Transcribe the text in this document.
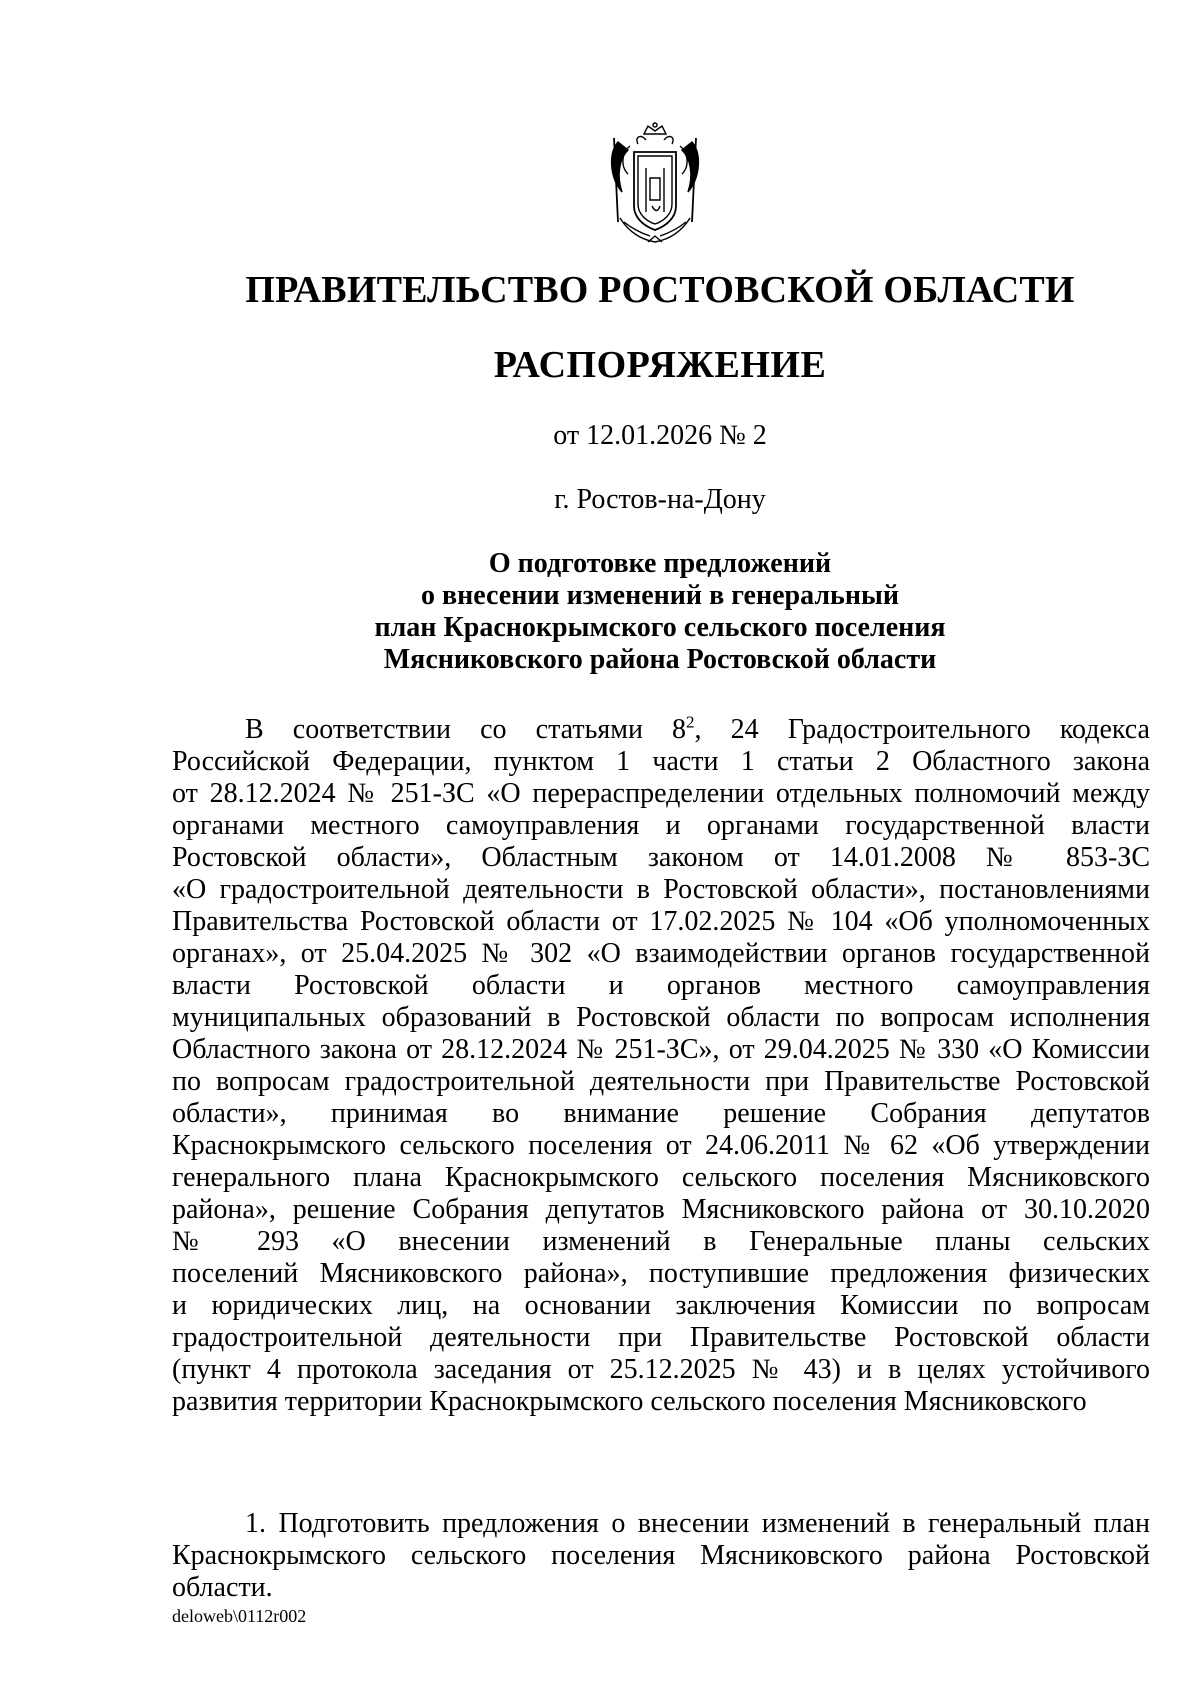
ПРАВИТЕЛЬСТВО РОСТОВСКОЙ ОБЛАСТИ
РАСПОРЯЖЕНИЕ
от 12.01.2026 № 2
г. Ростов-на-Дону
О подготовке предложений
о внесении изменений в генеральный
план Краснокрымского сельского поселения
Мясниковского района Ростовской области
В соответствии со статьями $8^2$, 24 Градостроительного кодекса
Российской Федерации, пунктом 1 части 1 статьи 2 Областного закона
от 28.12.2024 № 251-ЗС «О перераспределении отдельных полномочий между
органами местного самоуправления и органами государственной власти
Ростовской области», Областным законом от 14.01.2008 № 853-ЗС
«О градостроительной деятельности в Ростовской области», постановлениями
Правительства Ростовской области от 17.02.2025 № 104 «Об уполномоченных
органах», от 25.04.2025 № 302 «О взаимодействии органов государственной
власти Ростовской области и органов местного самоуправления
муниципальных образований в Ростовской области по вопросам исполнения
Областного закона от 28.12.2024 № 251-ЗС», от 29.04.2025 № 330 «О Комиссии
по вопросам градостроительной деятельности при Правительстве Ростовской
области», принимая во внимание решение Собрания депутатов
Краснокрымского сельского поселения от 24.06.2011 № 62 «Об утверждении
генерального плана Краснокрымского сельского поселения Мясниковского
района», решение Собрания депутатов Мясниковского района от 30.10.2020
№ 293 «О внесении изменений в Генеральные планы сельских
поселений Мясниковского района», поступившие предложения физических
и юридических лиц, на основании заключения Комиссии по вопросам
градостроительной деятельности при Правительстве Ростовской области
(пункт 4 протокола заседания от 25.12.2025 № 43) и в целях устойчивого
развития территории Краснокрымского сельского поселения Мясниковского
1. Подготовить предложения о внесении изменений в генеральный план
Краснокрымского сельского поселения Мясниковского района Ростовской
области.
deloweb\0112r002
